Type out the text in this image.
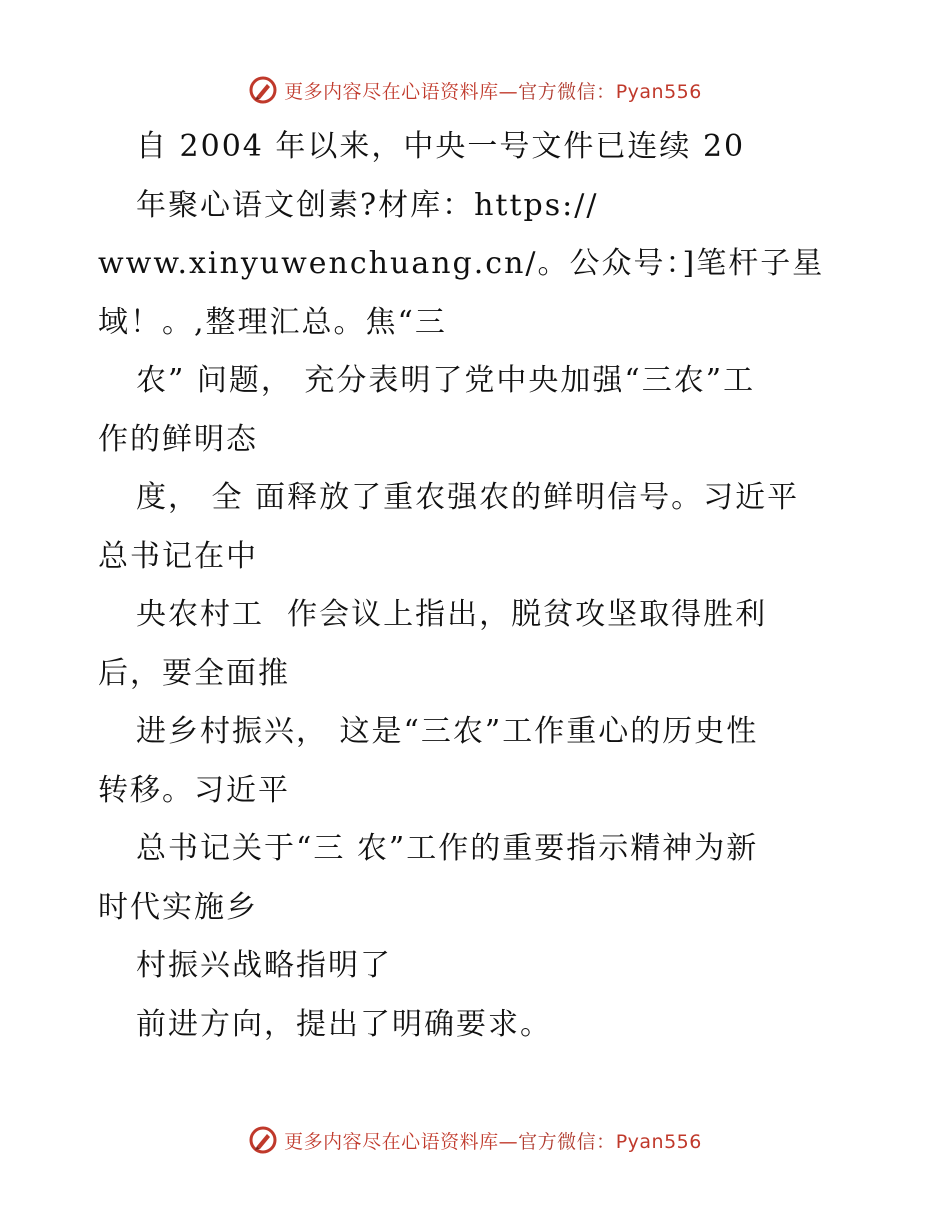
更多内容尽在心语资料库—官方微信：Pyan556
自 2004 年以来，中央一号文件已连续 20
年聚心语文创素?材库：https://
www.xinyuwenchuang.cn/。公众号：]笔杆子星
域！。,整理汇总。焦“三
农” 问题， 充分表明了党中央加强“三农”工
作的鲜明态
度， 全 面释放了重农强农的鲜明信号。习近平
总书记在中
央农村工  作会议上指出，脱贫攻坚取得胜利
后，要全面推
进乡村振兴， 这是“三农”工作重心的历史性
转移。习近平
总书记关于“三 农”工作的重要指示精神为新
时代实施乡
村振兴战略指明了
前进方向，提出了明确要求。
更多内容尽在心语资料库—官方微信：Pyan556
